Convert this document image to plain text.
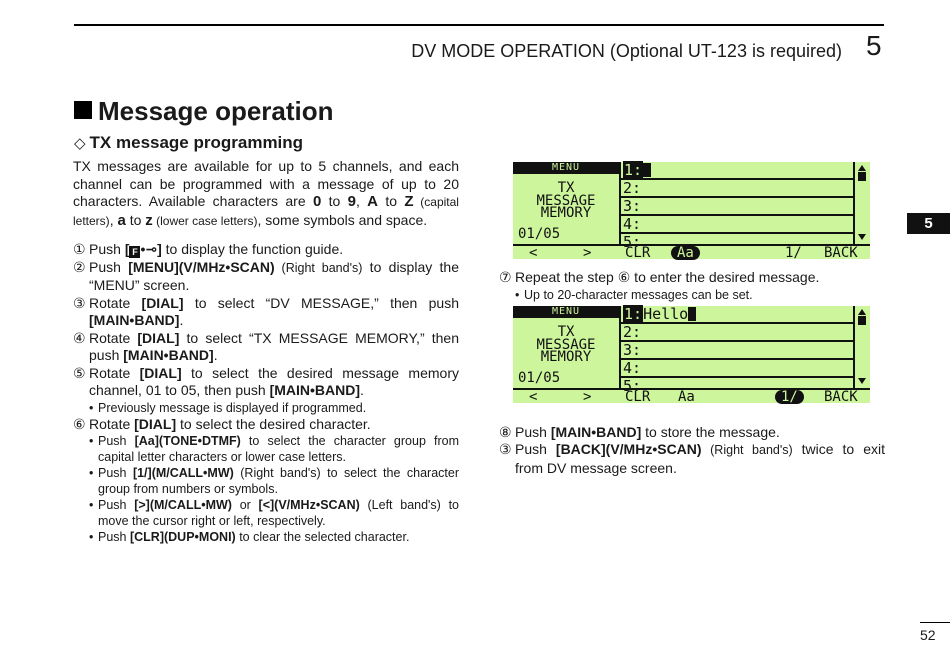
DV MODE OPERATION (Optional UT-123 is required) 5
Message operation
◇ TX message programming
TX messages are available for up to 5 channels, and each channel can be programmed with a message of up to 20 characters. Available characters are 0 to 9, A to Z (capital letters), a to z (lower case letters), some symbols and space.
① Push [ F •⊸] to display the function guide.
② Push [MENU](V/MHz•SCAN) (Right band's) to display the “MENU” screen.
③ Rotate [DIAL] to select “DV MESSAGE,” then push [MAIN•BAND].
④ Rotate [DIAL] to select “TX MESSAGE MEMORY,” then push [MAIN•BAND].
⑤ Rotate [DIAL] to select the desired message memory channel, 01 to 05, then push [MAIN•BAND].
• Previously message is displayed if programmed.
⑥ Rotate [DIAL] to select the desired character.
• Push [Aa](TONE•DTMF) to select the character group from capital letter characters or lower case letters.
• Push [1/](M/CALL•MW) (Right band's) to select the character group from numbers or symbols.
• Push [>](M/CALL•MW) or [<](V/MHz•SCAN) (Left band's) to move the cursor right or left, respectively.
• Push [CLR](DUP•MONI) to clear the selected character.
MENU
TX
MESSAGE
MEMORY
01/05
1:
2:
3:
4:
5:
<	> CLR	Aa	1/ BACK
MENU
TX
MESSAGE
MEMORY
01/05
1:Hello
2:
3:
4:
5:
<	> CLR Aa	1/	BACK
⑦ Repeat the step ⑥ to enter the desired message.
• Up to 20-character messages can be set.
⑧ Push [MAIN•BAND] to store the message.
③ Push [BACK](V/MHz•SCAN) (Right band's) twice to exit from DV message screen.
5
52
